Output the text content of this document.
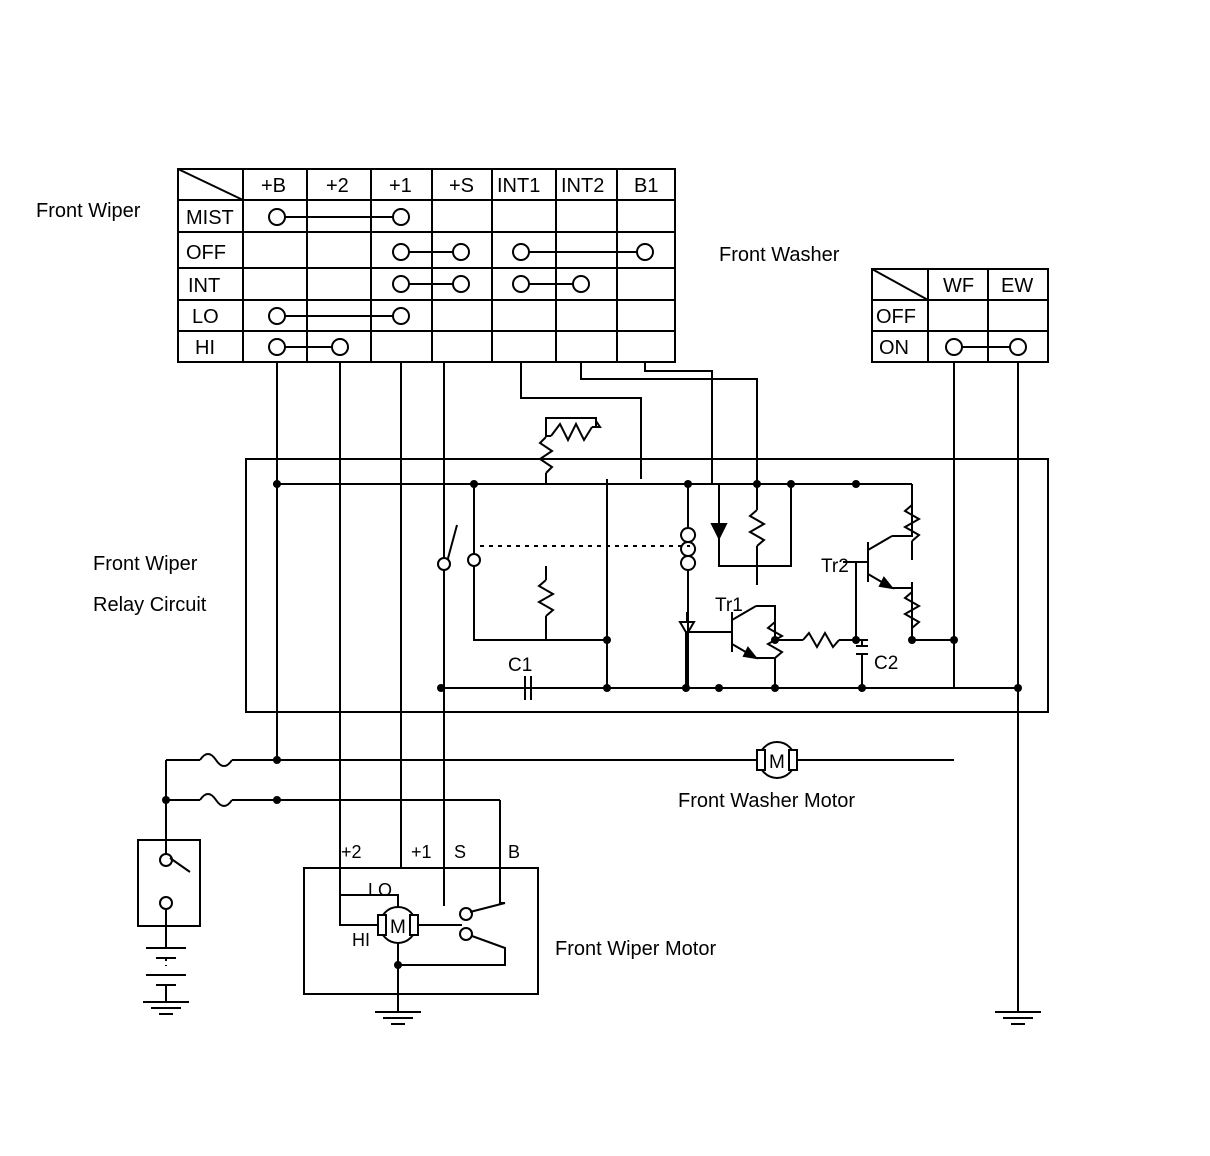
Front Wiper
Front Washer
Front Wiper
Relay Circuit
Front Washer Motor
Front Wiper Motor
C1	C2
Tr1
Tr2
+2	+1 S B
LO
HI
+B +2 +1 +S INT1 INT2 B1
MIST
OFF
INT
LO
HI
WF EW
OFF
ON
M
M
